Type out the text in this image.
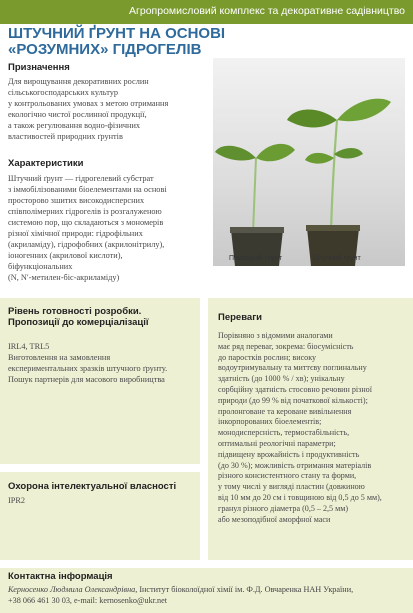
Агропромисловий комплекс та декоративне садівництво
ШТУЧНИЙ ҐРУНТ НА ОСНОВІ
«РОЗУМНИХ» ГІДРОГЕЛІВ
Призначення
Для вирощування декоративних рослин
сільськогосподарських культур
у контрольованих умовах з метою отримання
екологічно чистої рослинної продукції,
а також регулювання водно-фізичних
властивостей природних ґрунтів
Характеристики
Штучний ґрунт — гідрогелевий субстрат
з іммобілізованими біоелементами на основі
просторово зшитих високодисперсних
співполімерних гідрогелів із розгалуженою
системою пор, що складаються з мономерів
різної хімічної природи: гідрофільних
(акриламіду), гідрофобних (акрилонітрилу),
іоногенних (акрилової кислоти),
біфункціональних
(N, N′-метилен-біс-акриламіду)
Природній ґрунт	Штучний ґрунт
Рівень готовності розробки.
Пропозиції до комерціалізації
IRL4, TRL5
Виготовлення на замовлення
експериментальних зразків штучного ґрунту.
Пошук партнерів для масового виробництва
Охорона інтелектуальної власності
IPR2
Переваги
Порівняно з відомими аналогами
має ряд переваг, зокрема: біосумісність
до паростків рослин; високу
водоутримувальну та миттєву поглинальну
здатність (до 1000 % / хв); унікальну
сорбційну здатність стосовно речовин різної
природи (до 99 % від початкової кількості);
пролонговане та кероване вивільнення
інкорпорованих біоелементів;
монодисперсність, термостабільність,
оптимальні реологічні параметри;
підвищену врожайність і продуктивність
(до 30 %); можливість отримання матеріалів
різного консистентного стану та форми,
у тому числі у вигляді пластин (довжиною
від 10 мм до 20 см і товщиною від 0,5 до 5 мм),
гранул різного діаметра (0,5 – 2,5 мм)
або мезоподібної аморфної маси
Контактна інформація
Керносенко Людмила Олександрівна, Інститут біоколоїдної хімії ім. Ф.Д. Овчаренка НАН України,
+38 066 461 30 03, e-mail: kernosenko@ukr.net
